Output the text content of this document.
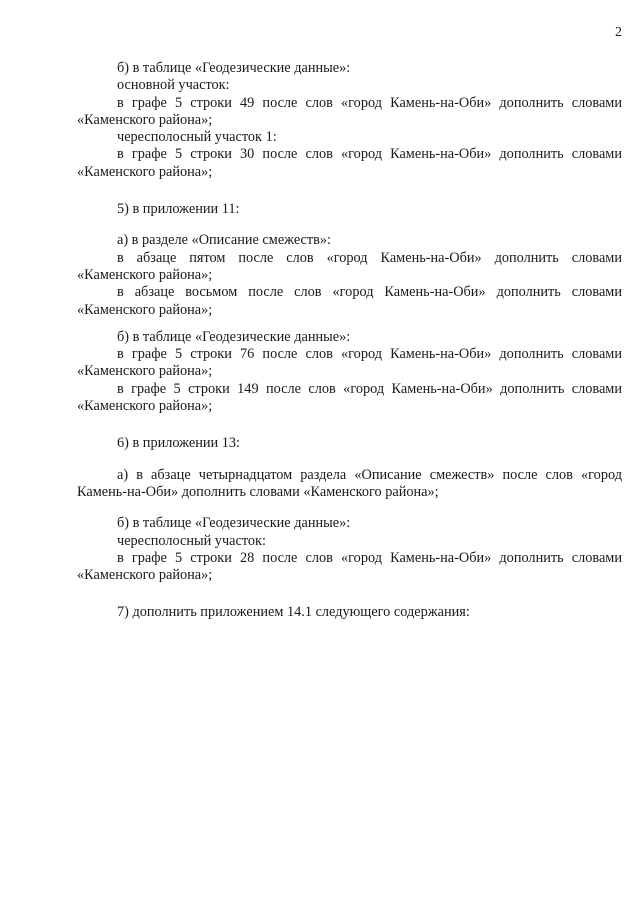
2
б) в таблице «Геодезические данные»:
основной участок:
в графе 5 строки 49 после слов «город Камень-на-Оби» дополнить словами
«Каменского района»;
чересполосный участок 1:
в графе 5 строки 30 после слов «город Камень-на-Оби» дополнить словами
«Каменского района»;
5) в приложении 11:
а) в разделе «Описание смежеств»:
в абзаце пятом после слов «город Камень-на-Оби» дополнить словами
«Каменского района»;
в абзаце восьмом после слов «город Камень-на-Оби» дополнить словами
«Каменского района»;
б) в таблице «Геодезические данные»:
в графе 5 строки 76 после слов «город Камень-на-Оби» дополнить словами
«Каменского района»;
в графе 5 строки 149 после слов «город Камень-на-Оби» дополнить словами
«Каменского района»;
6) в приложении 13:
а) в абзаце четырнадцатом раздела «Описание смежеств» после слов «город
Камень-на-Оби» дополнить словами «Каменского района»;
б) в таблице «Геодезические данные»:
чересполосный участок:
в графе 5 строки 28 после слов «город Камень-на-Оби» дополнить словами
«Каменского района»;
7) дополнить приложением 14.1 следующего содержания:
